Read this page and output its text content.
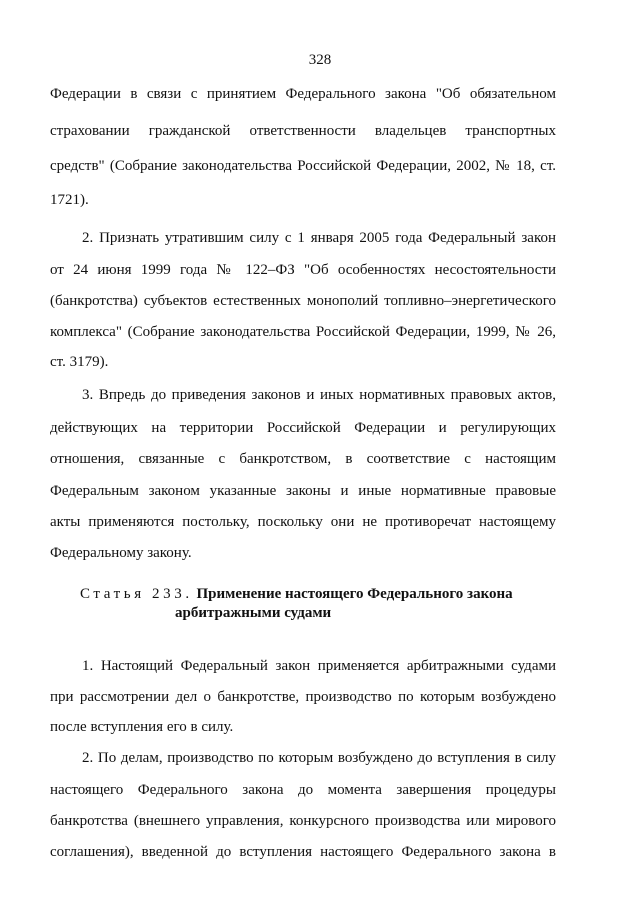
328
Федерации в связи с принятием Федерального закона "Об обязательном
страховании гражданской ответственности владельцев транспортных
средств" (Собрание законодательства Российской Федерации, 2002, № 18, ст.
1721).
2. Признать утратившим силу с 1 января 2005 года Федеральный закон
от 24 июня 1999 года № 122–ФЗ "Об особенностях несостоятельности
(банкротства) субъектов естественных монополий топливно–энергетического
комплекса" (Собрание законодательства Российской Федерации, 1999, № 26,
ст. 3179).
3. Впредь до приведения законов и иных нормативных правовых актов,
действующих на территории Российской Федерации и регулирующих
отношения, связанные с банкротством, в соответствие с настоящим
Федеральным законом указанные законы и иные нормативные правовые
акты применяются постольку, поскольку они не противоречат настоящему
Федеральному закону.
Статья 233. Применение настоящего Федерального закона
арбитражными судами
1. Настоящий Федеральный закон применяется арбитражными судами
при рассмотрении дел о банкротстве, производство по которым возбуждено
после вступления его в силу.
2. По делам, производство по которым возбуждено до вступления в силу
настоящего Федерального закона до момента завершения процедуры
банкротства (внешнего управления, конкурсного производства или мирового
соглашения), введенной до вступления настоящего Федерального закона в
